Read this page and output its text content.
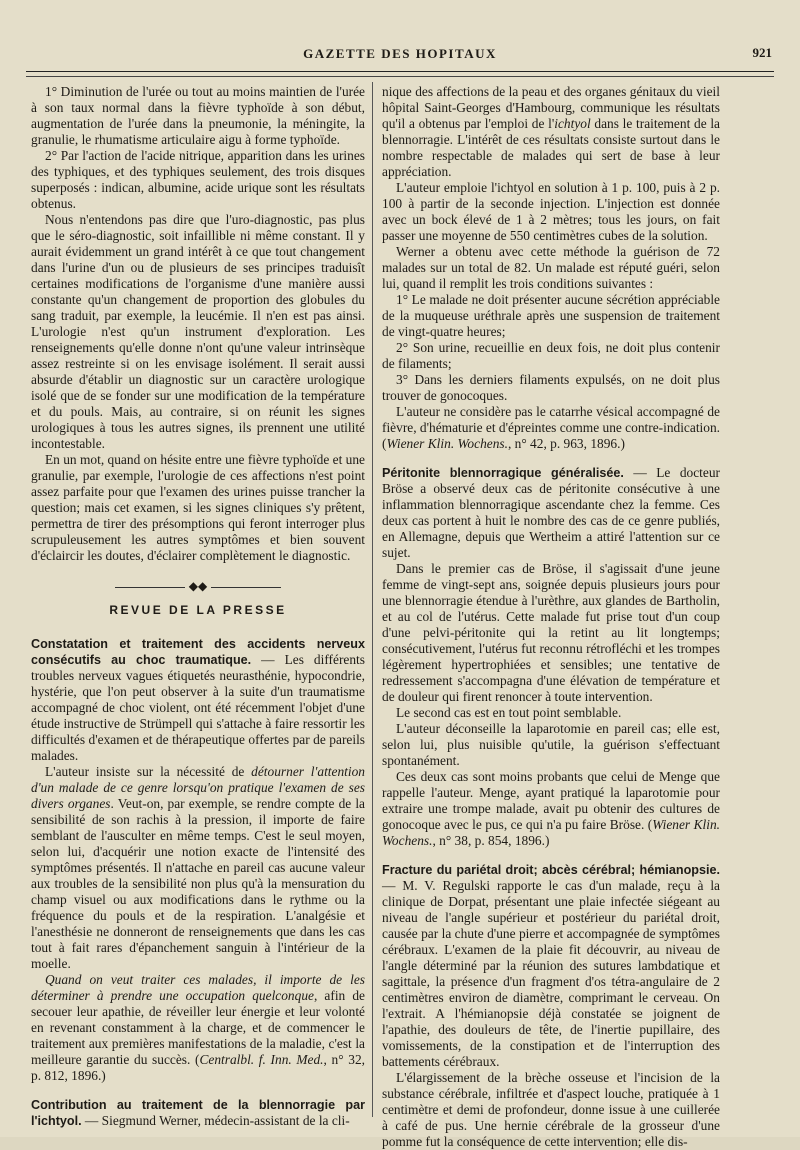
GAZETTE DES HOPITAUX	921

1° Diminution de l'urée ou tout au moins maintien de l'urée à son taux normal dans la fièvre typhoïde à son début, augmentation de l'urée dans la pneumonie, la méningite, la granulie, le rhumatisme articulaire aigu à forme typhoïde.

2° Par l'action de l'acide nitrique, apparition dans les urines des typhiques, et des typhiques seulement, des trois disques superposés : indican, albumine, acide urique sont les résultats obtenus.

Nous n'entendons pas dire que l'uro-diagnostic, pas plus que le séro-diagnostic, soit infaillible ni même constant. Il y aurait évidemment un grand intérêt à ce que tout changement dans l'urine d'un ou de plusieurs de ses principes traduisît certaines modifications de l'organisme d'une manière aussi constante qu'un changement de proportion des globules du sang traduit, par exemple, la leucémie. Il n'en est pas ainsi. L'urologie n'est qu'un instrument d'exploration. Les renseignements qu'elle donne n'ont qu'une valeur intrinsèque assez restreinte si on les envisage isolément. Il serait aussi absurde d'établir un diagnostic sur un caractère urologique isolé que de se fonder sur une modification de la température et du pouls. Mais, au contraire, si on réunit les signes urologiques à tous les autres signes, ils prennent une utilité incontestable.

En un mot, quand on hésite entre une fièvre typhoïde et une granulie, par exemple, l'urologie de ces affections n'est point assez parfaite pour que l'examen des urines puisse trancher la question; mais cet examen, si les signes cliniques s'y prêtent, permettra de tirer des présomptions qui feront interroger plus scrupuleusement les autres symptômes et bien souvent d'éclaircir les doutes, d'éclairer complètement le diagnostic.

◆◆
REVUE DE LA PRESSE

Constatation et traitement des accidents nerveux consécutifs au choc traumatique. — Les différents troubles nerveux vagues étiquetés neurasthénie, hypocondrie, hystérie, que l'on peut observer à la suite d'un traumatisme accompagné de choc violent, ont été récemment l'objet d'une étude instructive de Strümpell qui s'attache à faire ressortir les difficultés d'examen et de thérapeutique offertes par de pareils malades.

L'auteur insiste sur la nécessité de détourner l'attention d'un malade de ce genre lorsqu'on pratique l'examen de ses divers organes. Veut-on, par exemple, se rendre compte de la sensibilité de son rachis à la pression, il importe de faire semblant de l'ausculter en même temps. C'est le seul moyen, selon lui, d'acquérir une notion exacte de l'intensité des symptômes présentés. Il n'attache en pareil cas aucune valeur aux troubles de la sensibilité non plus qu'à la mensuration du champ visuel ou aux modifications dans le rythme ou la fréquence du pouls et de la respiration. L'analgésie et l'anesthésie ne donneront de renseignements que dans les cas tout à fait rares d'épanchement sanguin à l'intérieur de la moelle.

Quand on veut traiter ces malades, il importe de les déterminer à prendre une occupation quelconque, afin de secouer leur apathie, de réveiller leur énergie et leur volonté en revenant constamment à la charge, et de commencer le traitement aux premières manifestations de la maladie, c'est la meilleure garantie du succès. (Centralbl. f. Inn. Med., n° 32, p. 812, 1896.)

Contribution au traitement de la blennorragie par l'ichtyol. — Siegmund Werner, médecin-assistant de la cli-

nique des affections de la peau et des organes génitaux du vieil hôpital Saint-Georges d'Hambourg, communique les résultats qu'il a obtenus par l'emploi de l'ichtyol dans le traitement de la blennorragie. L'intérêt de ces résultats consiste surtout dans le nombre respectable de malades qui sert de base à leur appréciation.

L'auteur emploie l'ichtyol en solution à 1 p. 100, puis à 2 p. 100 à partir de la seconde injection. L'injection est donnée avec un bock élevé de 1 à 2 mètres; tous les jours, on fait passer une moyenne de 550 centimètres cubes de la solution.

Werner a obtenu avec cette méthode la guérison de 72 malades sur un total de 82. Un malade est réputé guéri, selon lui, quand il remplit les trois conditions suivantes :

1° Le malade ne doit présenter aucune sécrétion appréciable de la muqueuse uréthrale après une suspension de traitement de vingt-quatre heures;

2° Son urine, recueillie en deux fois, ne doit plus contenir de filaments;

3° Dans les derniers filaments expulsés, on ne doit plus trouver de gonocoques.

L'auteur ne considère pas le catarrhe vésical accompagné de fièvre, d'hématurie et d'épreintes comme une contre-indication. (Wiener Klin. Wochens., n° 42, p. 963, 1896.)

Péritonite blennorragique généralisée. — Le docteur Bröse a observé deux cas de péritonite consécutive à une inflammation blennorragique ascendante chez la femme. Ces deux cas portent à huit le nombre des cas de ce genre publiés, en Allemagne, depuis que Wertheim a attiré l'attention sur ce sujet.

Dans le premier cas de Bröse, il s'agissait d'une jeune femme de vingt-sept ans, soignée depuis plusieurs jours pour une blennorragie étendue à l'urèthre, aux glandes de Bartholin, et au col de l'utérus. Cette malade fut prise tout d'un coup d'une pelvi-péritonite qui la retint au lit longtemps; consécutivement, l'utérus fut reconnu rétrofléchi et les trompes légèrement hypertrophiées et sensibles; une tentative de redressement s'accompagna d'une élévation de température et de douleur qui firent renoncer à toute intervention.

Le second cas est en tout point semblable.

L'auteur déconseille la laparotomie en pareil cas; elle est, selon lui, plus nuisible qu'utile, la guérison s'effectuant spontanément.

Ces deux cas sont moins probants que celui de Menge que rappelle l'auteur. Menge, ayant pratiqué la laparotomie pour extraire une trompe malade, avait pu obtenir des cultures de gonocoque avec le pus, ce qui n'a pu faire Bröse. (Wiener Klin. Wochens., n° 38, p. 854, 1896.)

Fracture du pariétal droit; abcès cérébral; hémianopsie. — M. V. Regulski rapporte le cas d'un malade, reçu à la clinique de Dorpat, présentant une plaie infectée siégeant au niveau de l'angle supérieur et postérieur du pariétal droit, causée par la chute d'une pierre et accompagnée de symptômes cérébraux. L'examen de la plaie fit découvrir, au niveau de l'angle déterminé par la réunion des sutures lambdatique et sagittale, la présence d'un fragment d'os tétra-angulaire de 2 centimètres environ de diamètre, comprimant le cerveau. On l'extrait. A l'hémianopsie déjà constatée se joignent de l'apathie, des douleurs de tête, de l'inertie pupillaire, des vomissements, de la constipation et de l'interruption des battements cérébraux.

L'élargissement de la brèche osseuse et l'incision de la substance cérébrale, infiltrée et d'aspect louche, pratiquée à 1 centimètre et demi de profondeur, donne issue à une cuillerée à café de pus. Une hernie cérébrale de la grosseur d'une pomme fut la conséquence de cette intervention; elle dis-
